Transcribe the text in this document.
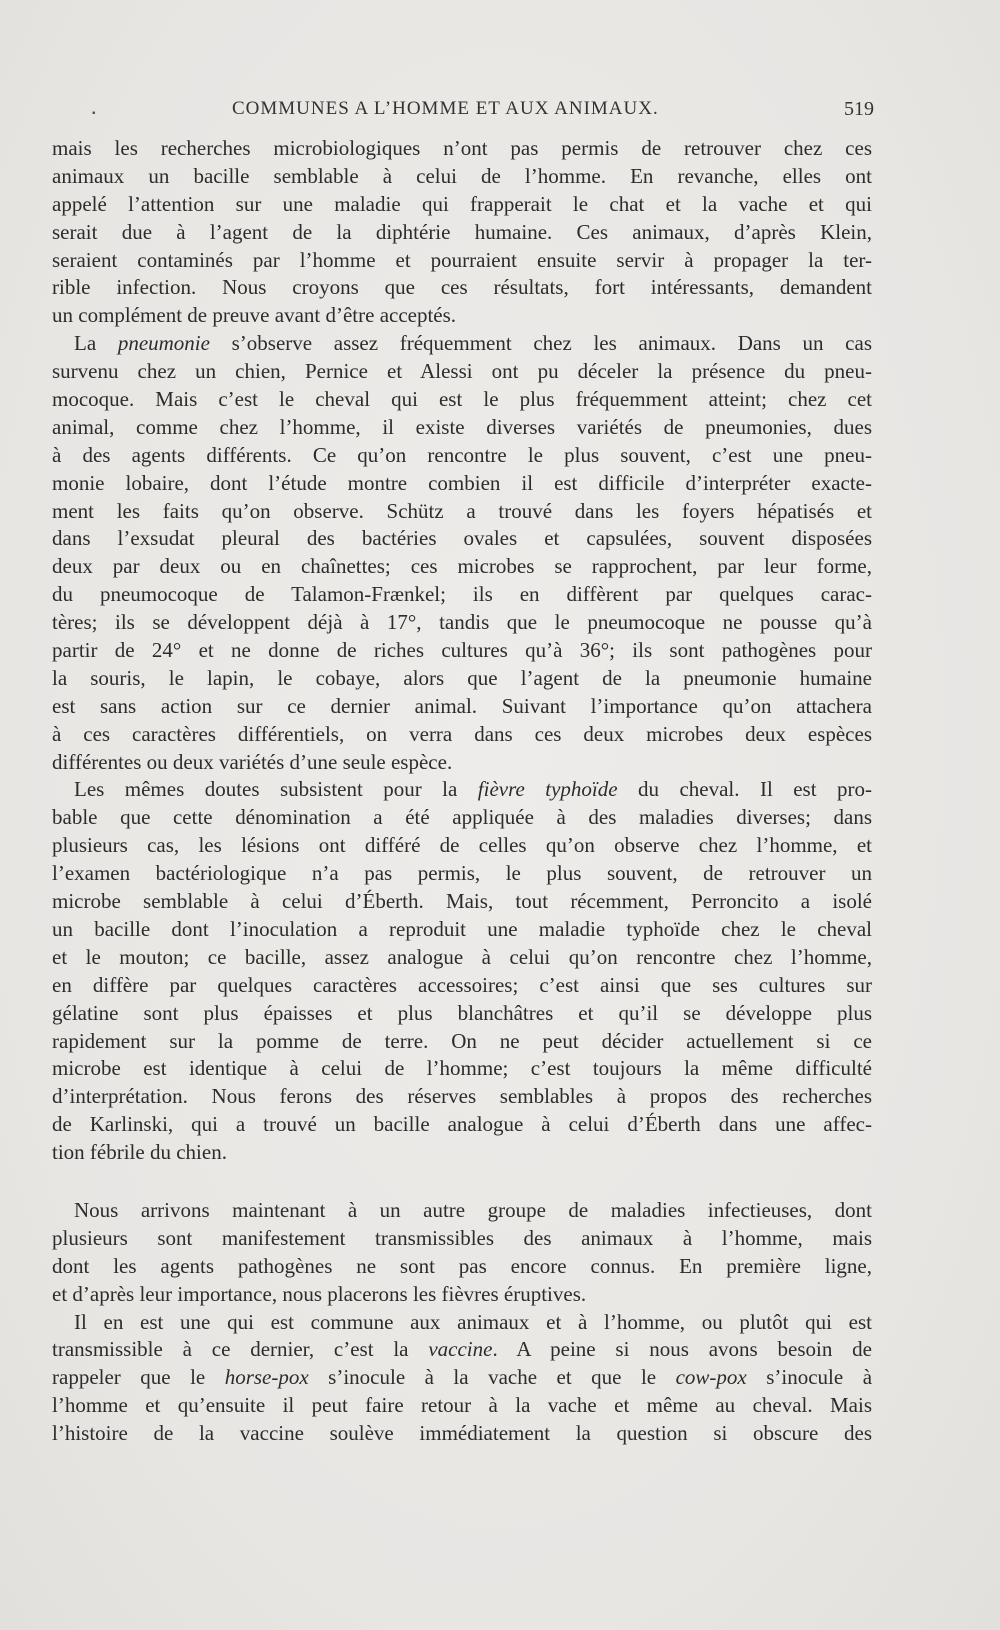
▪	COMMUNES A L’HOMME ET AUX ANIMAUX.	519
mais les recherches microbiologiques n’ont pas permis de retrouver chez ces
animaux un bacille semblable à celui de l’homme. En revanche, elles ont
appelé l’attention sur une maladie qui frapperait le chat et la vache et qui
serait due à l’agent de la diphtérie humaine. Ces animaux, d’après Klein,
seraient contaminés par l’homme et pourraient ensuite servir à propager la ter-
rible infection. Nous croyons que ces résultats, fort intéressants, demandent
un complément de preuve avant d’être acceptés.
La pneumonie s’observe assez fréquemment chez les animaux. Dans un cas
survenu chez un chien, Pernice et Alessi ont pu déceler la présence du pneu-
mocoque. Mais c’est le cheval qui est le plus fréquemment atteint; chez cet
animal, comme chez l’homme, il existe diverses variétés de pneumonies, dues
à des agents différents. Ce qu’on rencontre le plus souvent, c’est une pneu-
monie lobaire, dont l’étude montre combien il est difficile d’interpréter exacte-
ment les faits qu’on observe. Schütz a trouvé dans les foyers hépatisés et
dans l’exsudat pleural des bactéries ovales et capsulées, souvent disposées
deux par deux ou en chaînettes; ces microbes se rapprochent, par leur forme,
du pneumocoque de Talamon-Frænkel; ils en diffèrent par quelques carac-
tères; ils se développent déjà à 17°, tandis que le pneumocoque ne pousse qu’à
partir de 24° et ne donne de riches cultures qu’à 36°; ils sont pathogènes pour
la souris, le lapin, le cobaye, alors que l’agent de la pneumonie humaine
est sans action sur ce dernier animal. Suivant l’importance qu’on attachera
à ces caractères différentiels, on verra dans ces deux microbes deux espèces
différentes ou deux variétés d’une seule espèce.
Les mêmes doutes subsistent pour la fièvre typhoïde du cheval. Il est pro-
bable que cette dénomination a été appliquée à des maladies diverses; dans
plusieurs cas, les lésions ont différé de celles qu’on observe chez l’homme, et
l’examen bactériologique n’a pas permis, le plus souvent, de retrouver un
microbe semblable à celui d’Éberth. Mais, tout récemment, Perroncito a isolé
un bacille dont l’inoculation a reproduit une maladie typhoïde chez le cheval
et le mouton; ce bacille, assez analogue à celui qu’on rencontre chez l’homme,
en diffère par quelques caractères accessoires; c’est ainsi que ses cultures sur
gélatine sont plus épaisses et plus blanchâtres et qu’il se développe plus
rapidement sur la pomme de terre. On ne peut décider actuellement si ce
microbe est identique à celui de l’homme; c’est toujours la même difficulté
d’interprétation. Nous ferons des réserves semblables à propos des recherches
de Karlinski, qui a trouvé un bacille analogue à celui d’Éberth dans une affec-
tion fébrile du chien.
Nous arrivons maintenant à un autre groupe de maladies infectieuses, dont
plusieurs sont manifestement transmissibles des animaux à l’homme, mais
dont les agents pathogènes ne sont pas encore connus. En première ligne,
et d’après leur importance, nous placerons les fièvres éruptives.
Il en est une qui est commune aux animaux et à l’homme, ou plutôt qui est
transmissible à ce dernier, c’est la vaccine. A peine si nous avons besoin de
rappeler que le horse-pox s’inocule à la vache et que le cow-pox s’inocule à
l’homme et qu’ensuite il peut faire retour à la vache et même au cheval. Mais
l’histoire de la vaccine soulève immédiatement la question si obscure des
